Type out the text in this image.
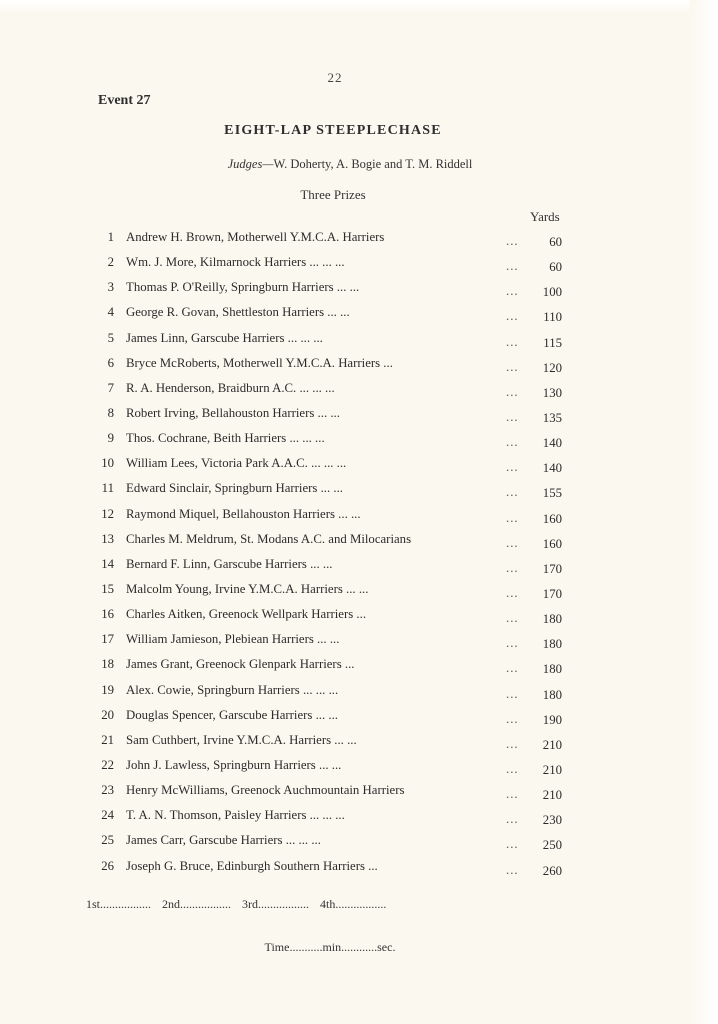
22
Event 27
EIGHT-LAP STEEPLECHASE
Judges—W. Doherty, A. Bogie and T. M. Riddell
Three Prizes
Yards
1 Andrew H. Brown, Motherwell Y.M.C.A. Harriers	...	60
2 Wm. J. More, Kilmarnock Harriers ... ... ...	...	60
3 Thomas P. O'Reilly, Springburn Harriers ... ...	...	100
4 George R. Govan, Shettleston Harriers ... ...	...	110
5 James Linn, Garscube Harriers ... ... ...	...	115
6 Bryce McRoberts, Motherwell Y.M.C.A. Harriers ...	...	120
7 R. A. Henderson, Braidburn A.C. ... ... ...	...	130
8 Robert Irving, Bellahouston Harriers ... ...	...	135
9 Thos. Cochrane, Beith Harriers ... ... ...	...	140
10 William Lees, Victoria Park A.A.C. ... ... ...	...	140
11 Edward Sinclair, Springburn Harriers ... ...	...	155
12 Raymond Miquel, Bellahouston Harriers ... ...	...	160
13 Charles M. Meldrum, St. Modans A.C. and Milocarians	...	160
14 Bernard F. Linn, Garscube Harriers ... ...	...	170
15 Malcolm Young, Irvine Y.M.C.A. Harriers ... ...	...	170
16 Charles Aitken, Greenock Wellpark Harriers ...	...	180
17 William Jamieson, Plebiean Harriers ... ...	...	180
18 James Grant, Greenock Glenpark Harriers ...	...	180
19 Alex. Cowie, Springburn Harriers ... ... ...	...	180
20 Douglas Spencer, Garscube Harriers ... ...	...	190
21 Sam Cuthbert, Irvine Y.M.C.A. Harriers ... ...	...	210
22 John J. Lawless, Springburn Harriers ... ...	...	210
23 Henry McWilliams, Greenock Auchmountain Harriers	...	210
24 T. A. N. Thomson, Paisley Harriers ... ... ...	...	230
25 James Carr, Garscube Harriers ... ... ...	...	250
26 Joseph G. Bruce, Edinburgh Southern Harriers ...	...	260
1st................. 2nd................. 3rd................. 4th.................
Time...........min............sec.
